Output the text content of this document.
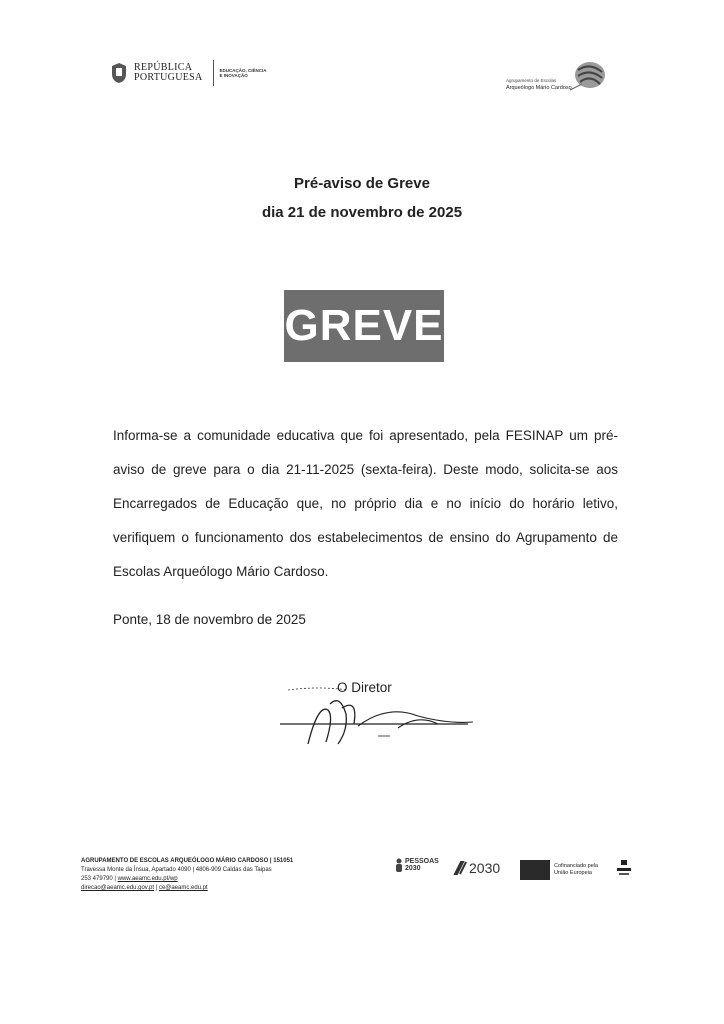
REPÚBLICA
PORTUGUESA
EDUCAÇÃO, CIÊNCIA
E INOVAÇÃO
Agrupamento de Escolas
Arqueólogo Mário Cardoso
Pré-aviso de Greve
dia 21 de novembro de 2025
GREVE
Informa-se a comunidade educativa que foi apresentado, pela FESINAP um pré-aviso de greve para o dia 21-11-2025 (sexta-feira). Deste modo, solicita-se aos Encarregados de Educação que, no próprio dia e no início do horário letivo, verifiquem o funcionamento dos estabelecimentos de ensino do Agrupamento de Escolas Arqueólogo Mário Cardoso.
Ponte, 18 de novembro de 2025
O Diretor
AGRUPAMENTO DE ESCOLAS ARQUEÓLOGO MÁRIO CARDOSO | 151051
Travessa Monte da Ínsua, Apartado 4090 | 4806-909 Caldas das Taipas
253 479790 | www.aeamc.edu.pt/wp
direcao@aeamc.edu.gov.pt | ce@aeamc.edu.pt
PESSOAS
2030	2030	Cofinanciado pela
União Europeia
